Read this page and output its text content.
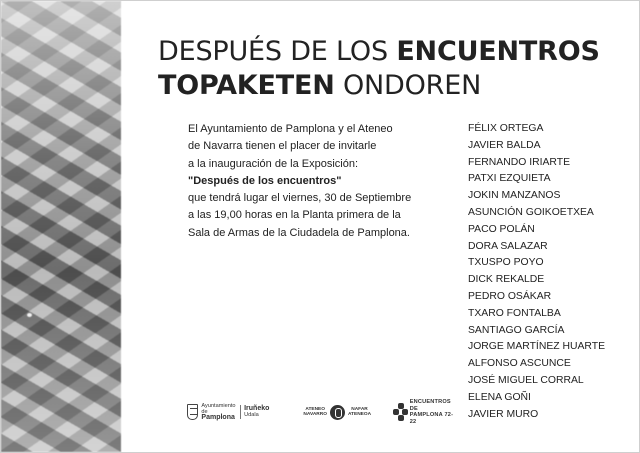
DESPUÉS DE LOS ENCUENTROS
TOPAKETEN ONDOREN
El Ayuntamiento de Pamplona y el Ateneo
de Navarra tienen el placer de invitarle
a la inauguración de la Exposición:
"Después de los encuentros"
que tendrá lugar el viernes, 30 de Septiembre
a las 19,00 horas en la Planta primera de la
Sala de Armas de la Ciudadela de Pamplona.
FÉLIX ORTEGA
JAVIER BALDA
FERNANDO IRIARTE
PATXI EZQUIETA
JOKIN MANZANOS
ASUNCIÓN GOIKOETXEA
PACO POLÁN
DORA SALAZAR
TXUSPO POYO
DICK REKALDE
PEDRO OSÁKAR
TXARO FONTALBA
SANTIAGO GARCÍA
JORGE MARTÍNEZ HUARTE
ALFONSO ASCUNCE
JOSÉ MIGUEL CORRAL
ELENA GOÑI
JAVIER MURO
Ayuntamiento de
Pamplona
Iruñeko
Udala
ATENEO
NAVARRO
NAFAR
ATENEOA
ENCUENTROS DE
PAMPLONA 72-22
